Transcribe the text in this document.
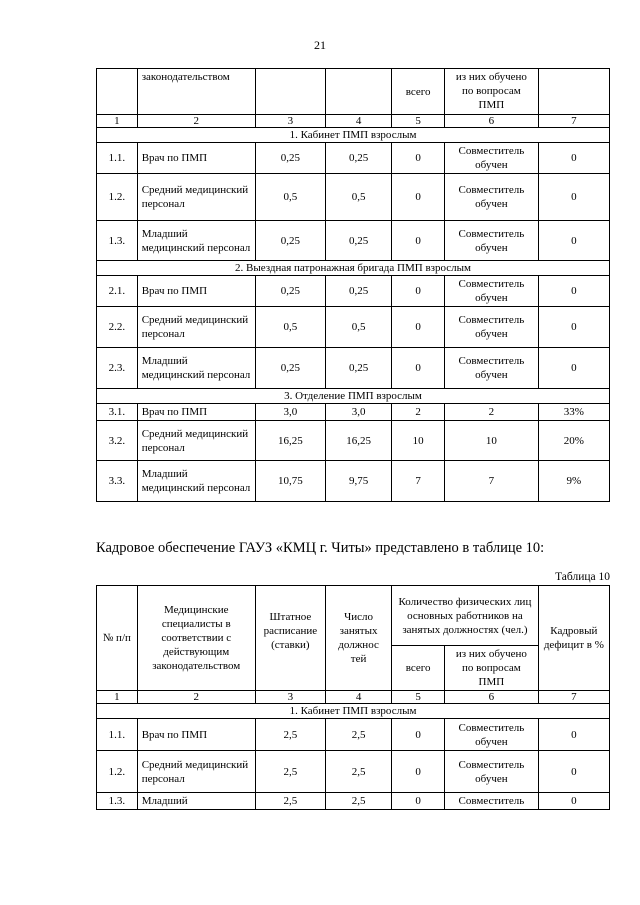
21
	законодательством			всего	из них обучено по вопросам ПМП	
1	2	3	4	5	6	7
1. Кабинет ПМП взрослым						
1.1.	Врач по ПМП	0,25	0,25	0	Совместитель обучен	0
1.2.	Средний медицинский персонал	0,5	0,5	0	Совместитель обучен	0
1.3.	Младший медицинский персонал	0,25	0,25	0	Совместитель обучен	0
2. Выездная патронажная бригада ПМП взрослым						
2.1.	Врач по ПМП	0,25	0,25	0	Совместитель обучен	0
2.2.	Средний медицинский персонал	0,5	0,5	0	Совместитель обучен	0
2.3.	Младший медицинский персонал	0,25	0,25	0	Совместитель обучен	0
3. Отделение ПМП взрослым						
3.1.	Врач по ПМП	3,0	3,0	2	2	33%
3.2.	Средний медицинский персонал	16,25	16,25	10	10	20%
3.3.	Младший медицинский персонал	10,75	9,75	7	7	9%
Кадровое обеспечение ГАУЗ «КМЦ г. Читы» представлено в таблице 10:
Таблица 10
№ п/п	Медицинские специалисты в соответствии с действующим законодательством	Штатное расписание (ставки)	Число занятых должнос тей	Количество физических лиц основных работников на занятых должностях (чел.)		Кадровый дефицит в %
				всего	из них обучено по вопросам ПМП	
1	2	3	4	5	6	7
1. Кабинет ПМП взрослым						
1.1.	Врач по ПМП	2,5	2,5	0	Совместитель обучен	0
1.2.	Средний медицинский персонал	2,5	2,5	0	Совместитель обучен	0
1.3.	Младший	2,5	2,5	0	Совместитель	0
